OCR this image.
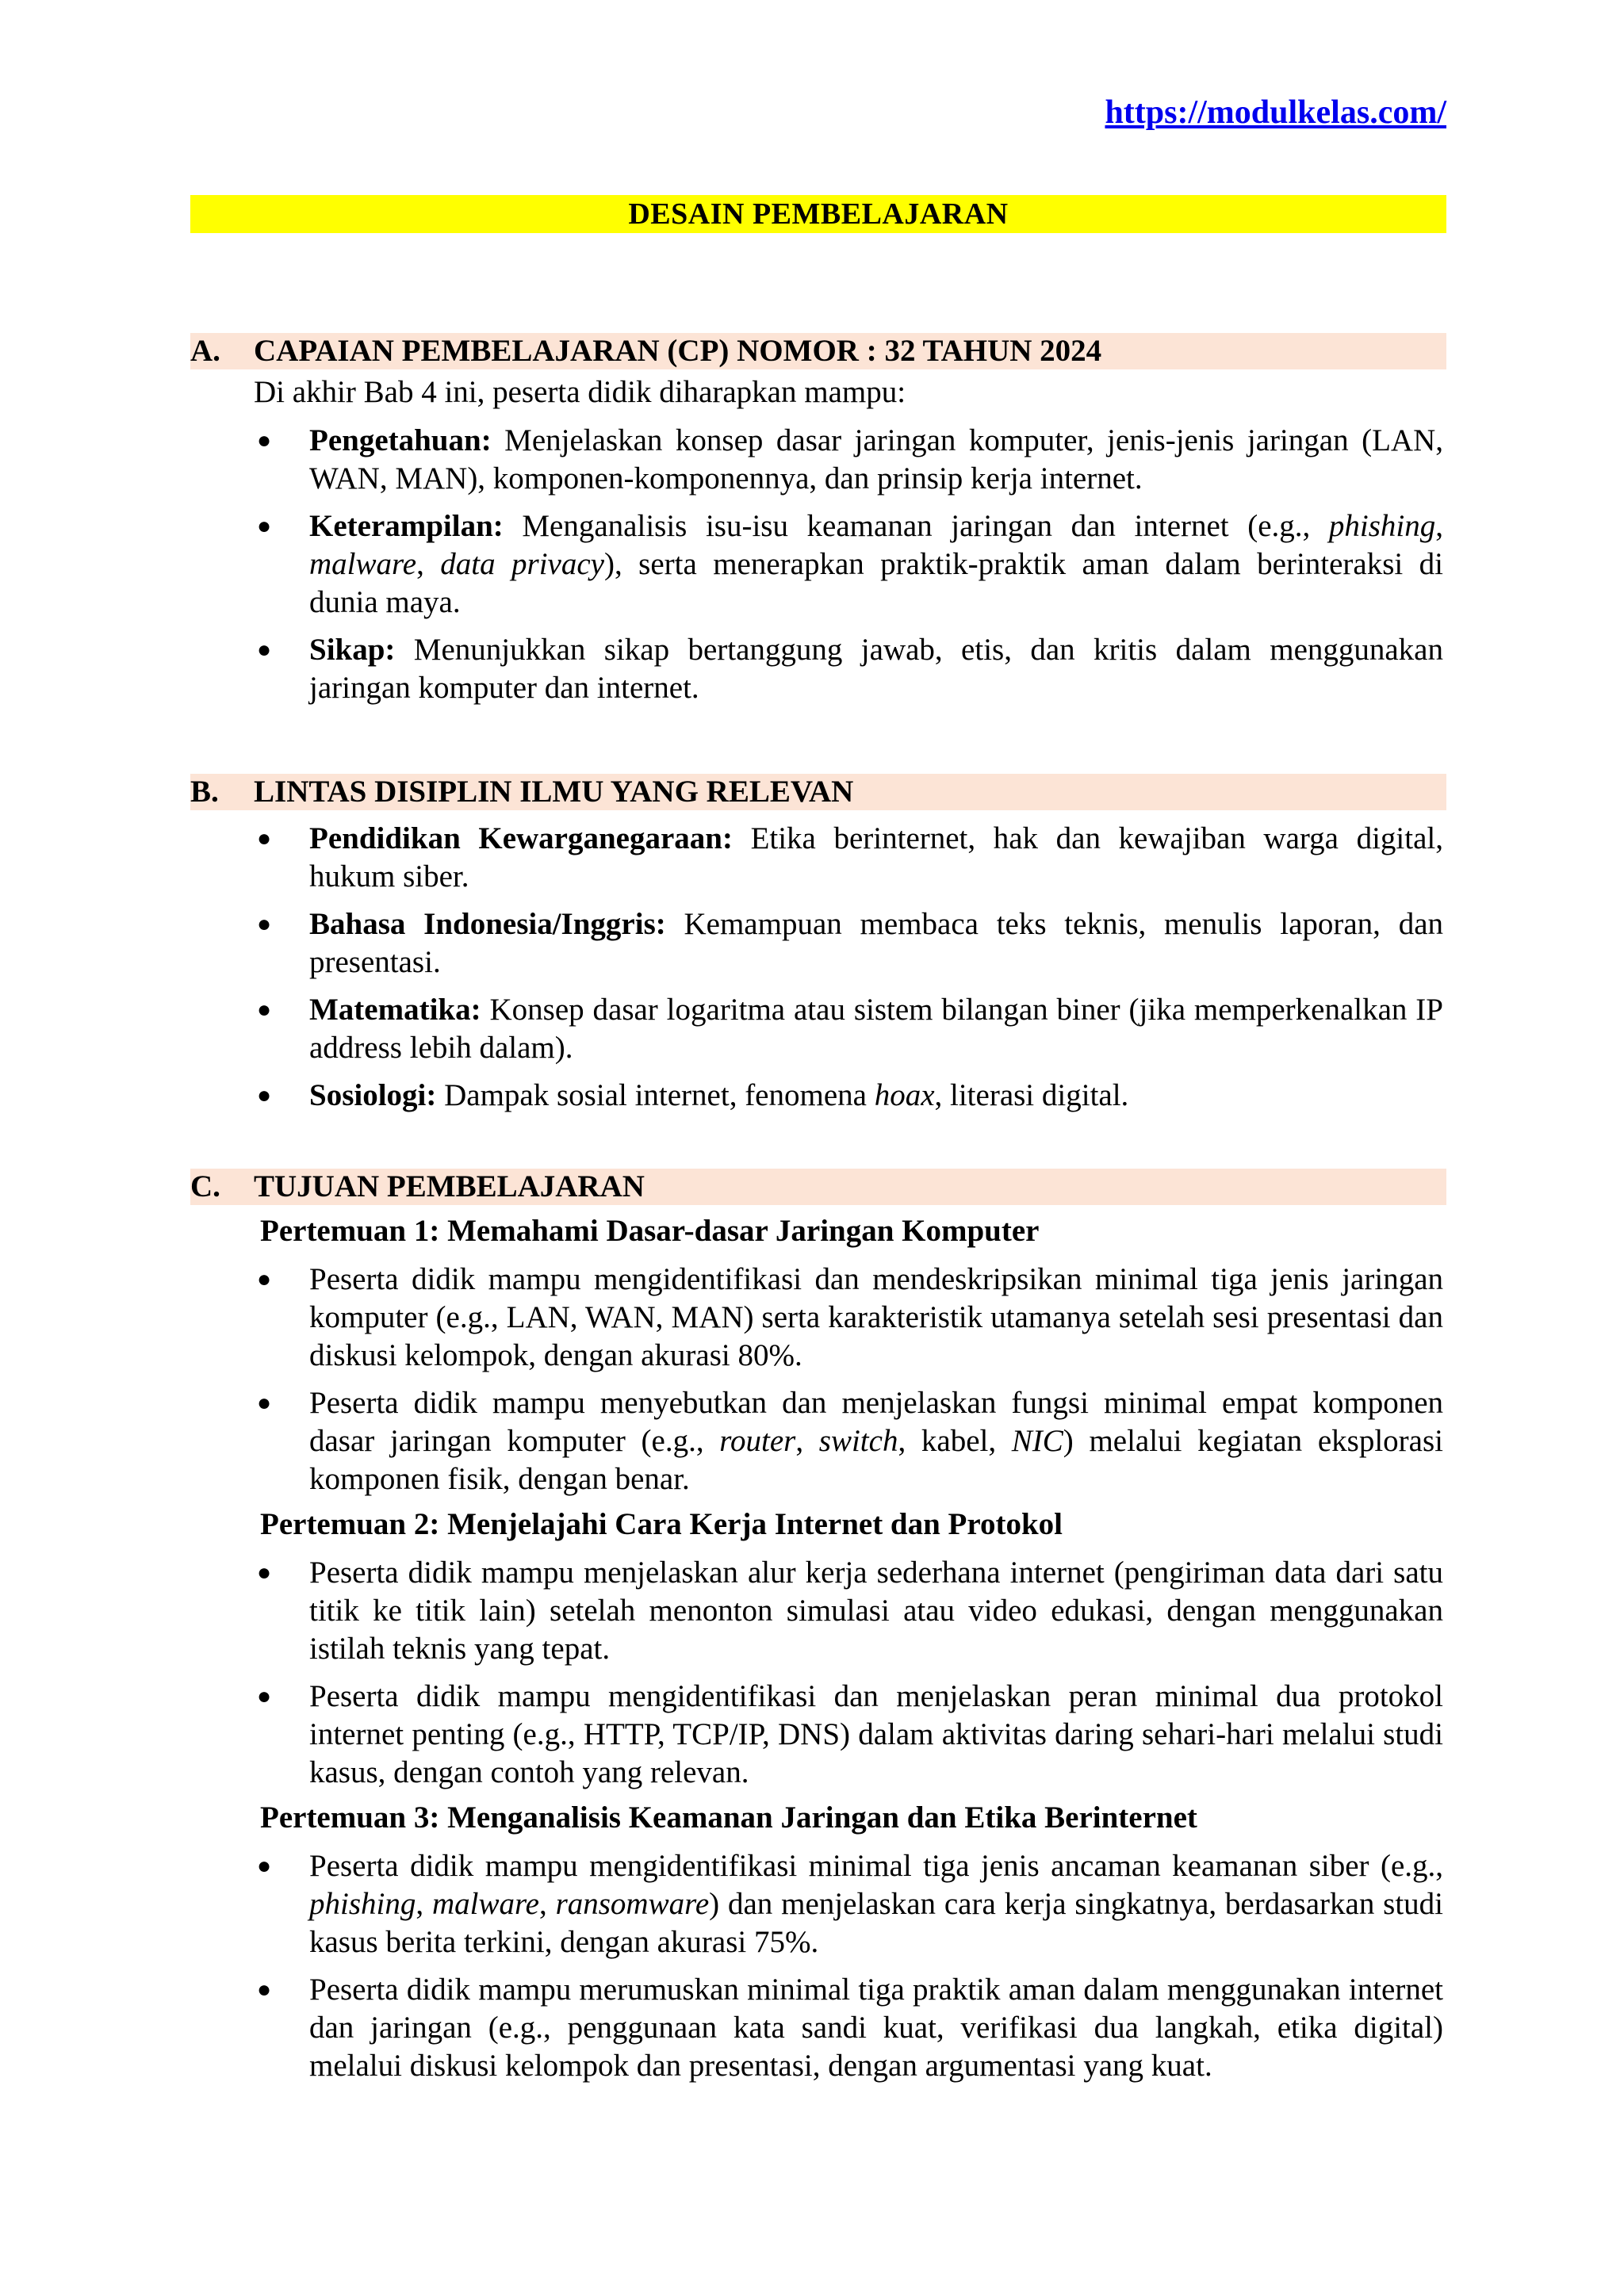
https://modulkelas.com/
DESAIN PEMBELAJARAN
A.	CAPAIAN PEMBELAJARAN (CP) NOMOR : 32 TAHUN 2024
Di akhir Bab 4 ini, peserta didik diharapkan mampu:
● Pengetahuan: Menjelaskan konsep dasar jaringan komputer, jenis-jenis jaringan (LAN, WAN, MAN), komponen-komponennya, dan prinsip kerja internet.
● Keterampilan: Menganalisis isu-isu keamanan jaringan dan internet (e.g., phishing, malware, data privacy), serta menerapkan praktik-praktik aman dalam berinteraksi di dunia maya.
● Sikap: Menunjukkan sikap bertanggung jawab, etis, dan kritis dalam menggunakan jaringan komputer dan internet.
B.	LINTAS DISIPLIN ILMU YANG RELEVAN
● Pendidikan Kewarganegaraan: Etika berinternet, hak dan kewajiban warga digital, hukum siber.
● Bahasa Indonesia/Inggris: Kemampuan membaca teks teknis, menulis laporan, dan presentasi.
● Matematika: Konsep dasar logaritma atau sistem bilangan biner (jika memperkenalkan IP address lebih dalam).
● Sosiologi: Dampak sosial internet, fenomena hoax, literasi digital.
C.	TUJUAN PEMBELAJARAN
Pertemuan 1: Memahami Dasar-dasar Jaringan Komputer
● Peserta didik mampu mengidentifikasi dan mendeskripsikan minimal tiga jenis jaringan komputer (e.g., LAN, WAN, MAN) serta karakteristik utamanya setelah sesi presentasi dan diskusi kelompok, dengan akurasi 80%.
● Peserta didik mampu menyebutkan dan menjelaskan fungsi minimal empat komponen dasar jaringan komputer (e.g., router, switch, kabel, NIC) melalui kegiatan eksplorasi komponen fisik, dengan benar.
Pertemuan 2: Menjelajahi Cara Kerja Internet dan Protokol
● Peserta didik mampu menjelaskan alur kerja sederhana internet (pengiriman data dari satu titik ke titik lain) setelah menonton simulasi atau video edukasi, dengan menggunakan istilah teknis yang tepat.
● Peserta didik mampu mengidentifikasi dan menjelaskan peran minimal dua protokol internet penting (e.g., HTTP, TCP/IP, DNS) dalam aktivitas daring sehari-hari melalui studi kasus, dengan contoh yang relevan.
Pertemuan 3: Menganalisis Keamanan Jaringan dan Etika Berinternet
● Peserta didik mampu mengidentifikasi minimal tiga jenis ancaman keamanan siber (e.g., phishing, malware, ransomware) dan menjelaskan cara kerja singkatnya, berdasarkan studi kasus berita terkini, dengan akurasi 75%.
● Peserta didik mampu merumuskan minimal tiga praktik aman dalam menggunakan internet dan jaringan (e.g., penggunaan kata sandi kuat, verifikasi dua langkah, etika digital) melalui diskusi kelompok dan presentasi, dengan argumentasi yang kuat.
